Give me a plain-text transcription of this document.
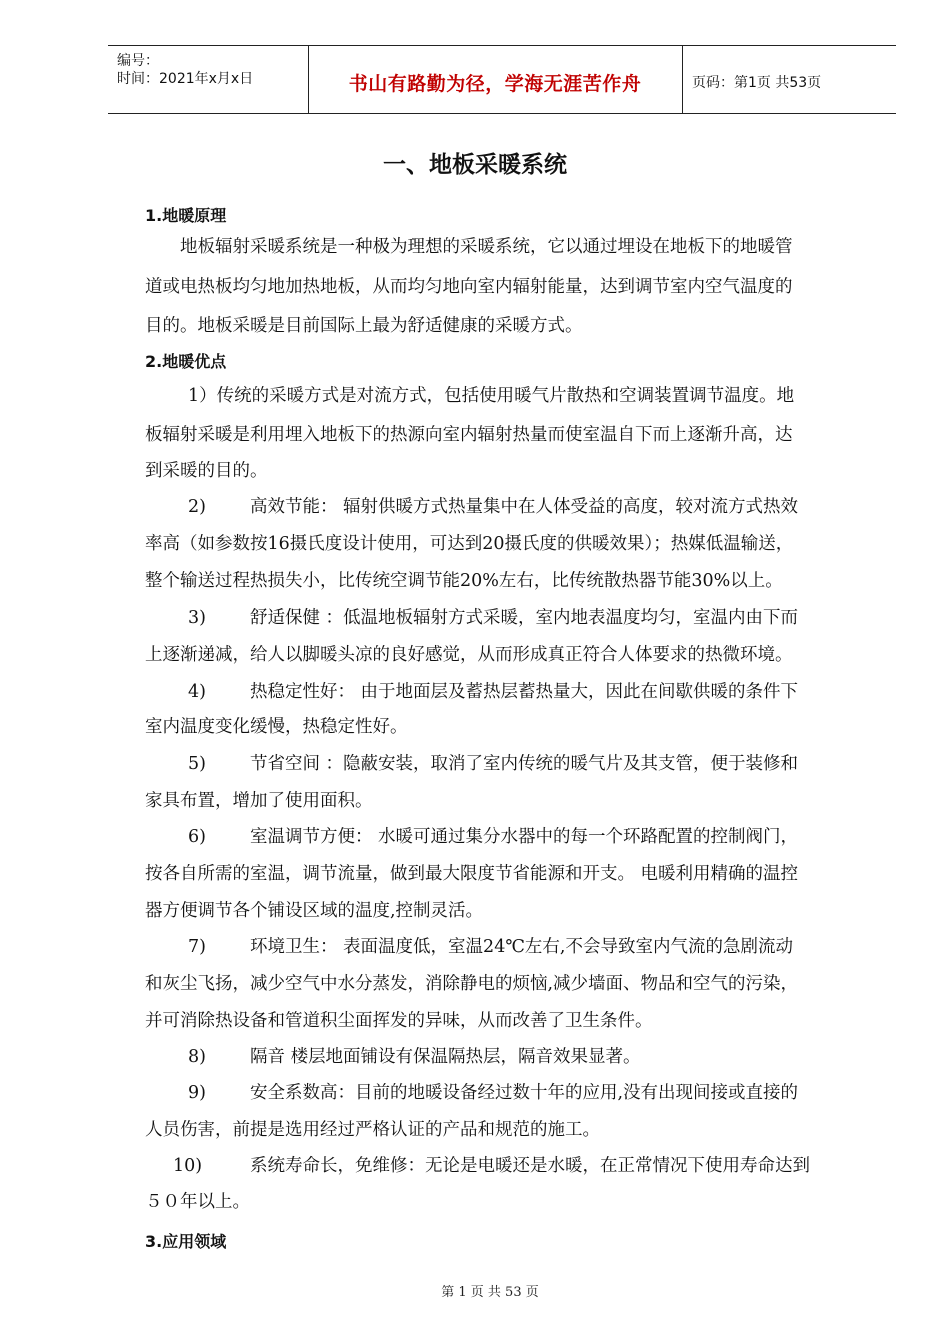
编号：
时间：2021年x月x日	书山有路勤为径，学海无涯苦作舟	页码：第1页 共53页
一、地板采暖系统
1.地暖原理
地板辐射采暖系统是一种极为理想的采暖系统，它以通过埋设在地板下的地暖管
道或电热板均匀地加热地板，从而均匀地向室内辐射能量，达到调节室内空气温度的
目的。地板采暖是目前国际上最为舒适健康的采暖方式。
2.地暖优点
1）传统的采暖方式是对流方式，包括使用暖气片散热和空调装置调节温度。地
板辐射采暖是利用埋入地板下的热源向室内辐射热量而使室温自下而上逐渐升高，达
到采暖的目的。
2)	高效节能： 辐射供暖方式热量集中在人体受益的高度，较对流方式热效
率高（如参数按16摄氏度设计使用，可达到20摄氏度的供暖效果）；热媒低温输送，
整个输送过程热损失小，比传统空调节能20%左右，比传统散热器节能30%以上。
3)	舒适保健 ：低温地板辐射方式采暖，室内地表温度均匀，室温内由下而
上逐渐递减，给人以脚暖头凉的良好感觉，从而形成真正符合人体要求的热微环境。
4)	热稳定性好： 由于地面层及蓄热层蓄热量大，因此在间歇供暖的条件下
室内温度变化缓慢，热稳定性好。
5)	节省空间 ：隐蔽安装，取消了室内传统的暖气片及其支管，便于装修和
家具布置，增加了使用面积。
6)	室温调节方便： 水暖可通过集分水器中的每一个环路配置的控制阀门，
按各自所需的室温，调节流量，做到最大限度节省能源和开支。 电暖利用精确的温控
器方便调节各个铺设区域的温度,控制灵活。
7)	环境卫生： 表面温度低，室温24℃左右,不会导致室内气流的急剧流动
和灰尘飞扬，减少空气中水分蒸发，消除静电的烦恼,减少墙面、物品和空气的污染，
并可消除热设备和管道积尘面挥发的异味，从而改善了卫生条件。
8)	隔音 楼层地面铺设有保温隔热层，隔音效果显著。
9)	安全系数高：目前的地暖设备经过数十年的应用,没有出现间接或直接的
人员伤害，前提是选用经过严格认证的产品和规范的施工。
10)	系统寿命长，免维修：无论是电暖还是水暖，在正常情况下使用寿命达到
５０年以上。
3.应用领域
第 1 页 共 53 页
